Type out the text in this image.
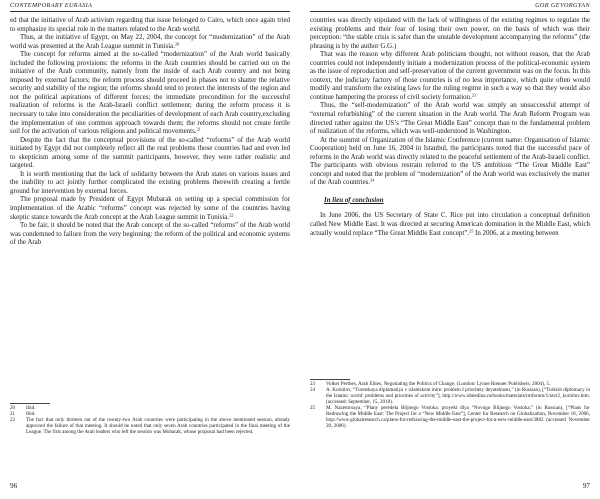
CONTEMPORARY EURASIA	GOR GEVORGYAN

ed that the initiative of Arab activism regarding that issue belonged to Cairo, which once again tried to emphasize its special role in the matters related to the Arab world.

Thus, at the initiative of Egypt, on May 22, 2004, the concept for “modernization” of the Arab world was presented at the Arab League summit in Tunisia.$^{20}$

The concept for reforms aimed at the so-called “modernization” of the Arab world basically included the following provisions: the reforms in the Arab countries should be carried out on the initiative of the Arab community, namely from the inside of each Arab country and not being imposed by external factors; the reform process should proceed in phases not to shatter the relative security and stability of the region; the reforms should tend to protect the interests of the region and not the political aspirations of different forces; the immediate precondition for the successful realization of reforms is the Arab-Israeli conflict settlement; during the reform process it is necessary to take into consideration the peculiarities of development of each Arab country,excluding the implementation of one common approach towards them; the reforms should not create fertile soil for the activation of various religious and political movements.$^{21}$

Despite the fact that the conceptual provisions of the so-called “reforms” of the Arab world initiated by Egypt did not completely reflect all the real problems those countries had and even led to skepticism among some of the summit participants, however, they were rather realistic and targeted.

It is worth mentioning that the lack of solidarity between the Arab states on various issues and the inability to act jointly further complicated the existing problems therewith creating a fertile ground for intervention by external forces.

The proposal made by President of Egypt Mubarak on setting up a special commission for implementation of the Arabic “reforms” concept was rejected by some of the countries having skeptic stance towards the Arab concept at the Arab League summit in Tunisia.$^{22}$

To be fair, it should be noted that the Arab concept of the so-called “reforms” of the Arab world was condemned to failure from the very beginning: the reform of the political and economic systems of the Arab

20 Ibid.
21 Ibid.
22 The fact that only thirteen out of the twenty-two Arab countries were participating in the above mentioned session, already approved the failure of that meeting. It should be noted that only seven Arab countries participated in the final meeting of the League. The first among the Arab leaders who left the session was Mubarak, whose proposal had been rejected.
96

countries was directly stipulated with the lack of willingness of the existing regimes to regulate the existing problems and their fear of losing their own power, on the basis of which was their perception: “the stable crisis is safer than the unstable development accompanying the reforms” (the phrasing is by the author G.G.)

That was the reason why different Arab politicians thought, not without reason, that the Arab countries could not independently initiate a modernization process of the political-economic system as the issue of reproduction and self-preservation of the current government was on the focus. In this context, the judiciary factory of those countries is of no less importance, which quite often would modify and transform the existing laws for the ruling regime in such a way so that they would also continue hampering the process of civil society formation.$^{23}$

Thus, the “self-modernization” of the Arab world was simply an unsuccessful attempt of “external refurbishing” of the current situation in the Arab world. The Arab Reform Program was directed rather against the US’s “The Great Middle East” concept than to the fundamental problem of realization of the reforms, which was well-understood in Washington.

At the summit of Organization of the Islamic Conference (current name: Organisation of Islamic Cooperation) held on June 16, 2004 in Istanbul, the participants noted that the successful pace of reforms in the Arab world was directly related to the peaceful settlement of the Arab-Israeli conflict. The participants with obvious restrain referred to the US ambitious “The Great Middle East” concept and noted that the problem of “modernization” of the Arab world was exclusively the matter of the Arab countries.$^{24}$

In lieu of conclusion

In June 2006, the US Secretary of State C. Rice put into circulation a conceptual definition called New Middle East. It was directed at securing American domination in the Middle East, which actually would replace “The Great Middle East concept”.$^{25}$ In 2006, at a meeting between

23 Volker Perthes, Arab Elites, Negotiating the Politics of Change, (London: Lynne Rienner Publishers, 2004), 5.
24 A. Kornilov, “Turetskaya diplomatiya v islamskom mire: problem I prioritety deyatelnosti,” (in Russian), [“Turkish diplomacy in the Islamic world: problems and priorities of activity”], http://www.idmedina.ru/books/materials/rmforum/1/sect2_kornilov.htm. (accessed: September, 15, 2018).
25 M. Nazemroaya, “Plany peredela Blijnego Vostoka: proyekt dlya “Novogo Blijnego Vostoka,” (in Russian), [“Plans for Redrawing the Middle East: The Project for a “New Middle East”], Center for Research on Globalization, November 18, 2006, http://www.globalresearch.ca/plans-for-redrawing-the-middle-east-the-project-for-a-new-middle-east/3882 (accessed November 20, 2006).
97
